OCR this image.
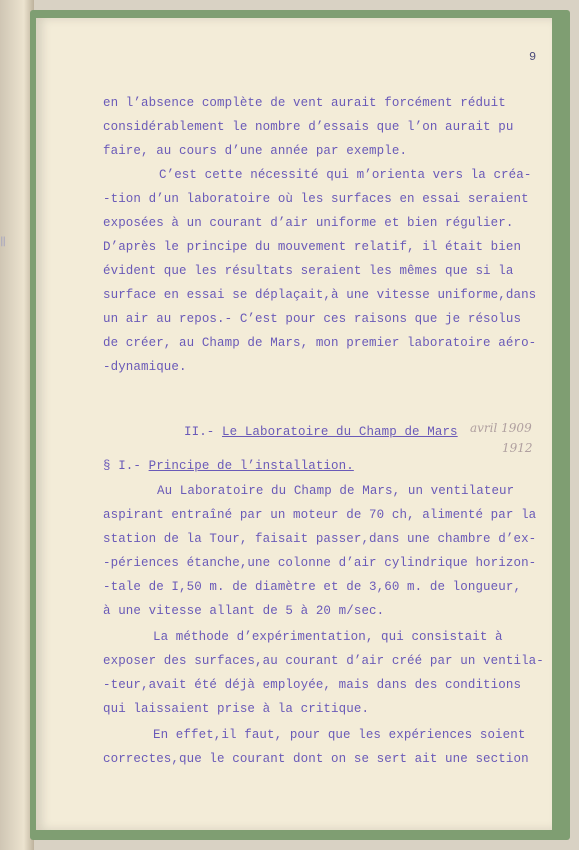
‖
9
en l’absence complète de vent aurait forcément réduit
considérablement le nombre d’essais que l’on aurait pu
faire, au cours d’une année par exemple.
C’est cette nécessité qui m’orienta vers la créa-
-tion d’un laboratoire où les surfaces en essai seraient
exposées à un courant d’air uniforme et bien régulier.
D’après le principe du mouvement relatif, il était bien
évident que les résultats seraient les mêmes que si la
surface en essai se déplaçait,à une vitesse uniforme,dans
un air au repos.- C’est pour ces raisons que je résolus
de créer, au Champ de Mars, mon premier laboratoire aéro-
-dynamique.
II.- Le Laboratoire du Champ de Mars
§ I.- Principe de l’installation.
Au Laboratoire du Champ de Mars, un ventilateur
aspirant entraîné par un moteur de 70 ch, alimenté par la
station de la Tour, faisait passer,dans une chambre d’ex-
-périences étanche,une colonne d’air cylindrique horizon-
-tale de I,50 m. de diamètre et de 3,60 m. de longueur,
à une vitesse allant de 5 à 20 m/sec.
La méthode d’expérimentation, qui consistait à
exposer des surfaces,au courant d’air créé par un ventila-
-teur,avait été déjà employée, mais dans des conditions
qui laissaient prise à la critique.
En effet,il faut, pour que les expériences soient
correctes,que le courant dont on se sert ait une section
avril 1909
1912
